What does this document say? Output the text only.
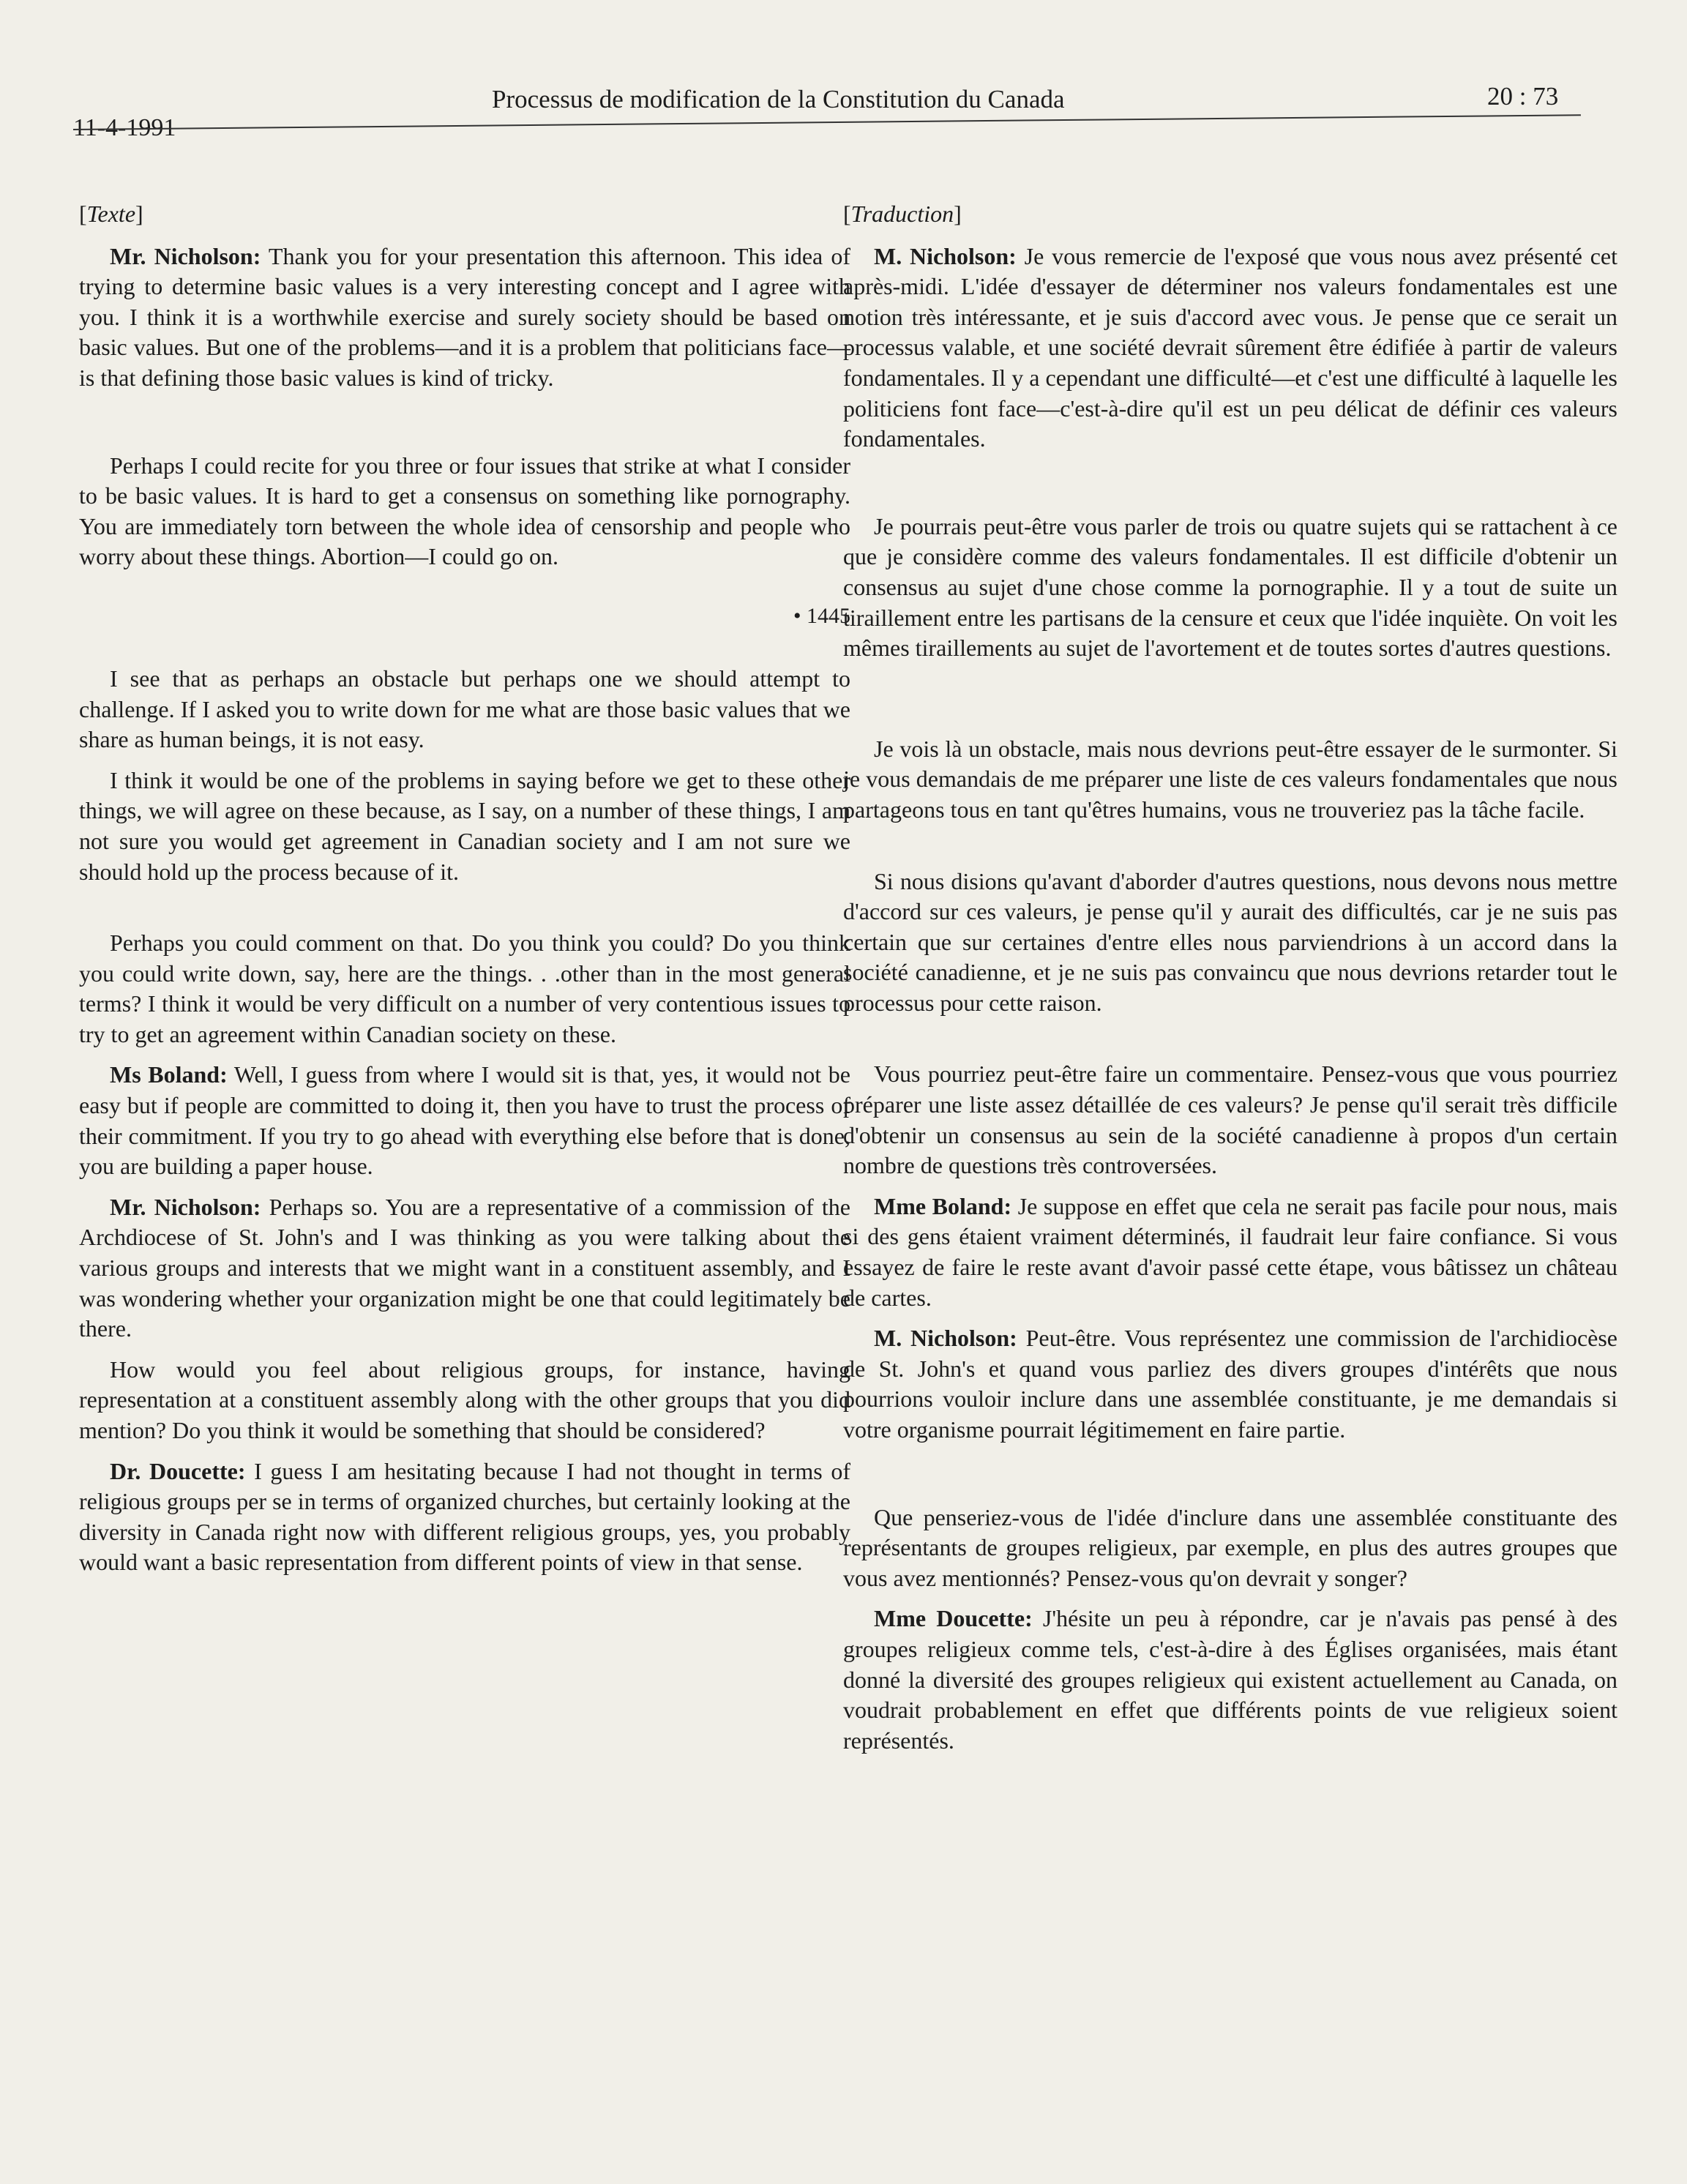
11-4-1991
Processus de modification de la Constitution du Canada	20 : 73

[Texte]

Mr. Nicholson: Thank you for your presentation this afternoon. This idea of trying to determine basic values is a very interesting concept and I agree with you. I think it is a worthwhile exercise and surely society should be based on basic values. But one of the problems—and it is a problem that politicians face—is that defining those basic values is kind of tricky.

Perhaps I could recite for you three or four issues that strike at what I consider to be basic values. It is hard to get a consensus on something like pornography. You are immediately torn between the whole idea of censorship and people who worry about these things. Abortion—I could go on.

• 1445

I see that as perhaps an obstacle but perhaps one we should attempt to challenge. If I asked you to write down for me what are those basic values that we share as human beings, it is not easy.

I think it would be one of the problems in saying before we get to these other things, we will agree on these because, as I say, on a number of these things, I am not sure you would get agreement in Canadian society and I am not sure we should hold up the process because of it.

Perhaps you could comment on that. Do you think you could? Do you think you could write down, say, here are the things. . .other than in the most general terms? I think it would be very difficult on a number of very contentious issues to try to get an agreement within Canadian society on these.

Ms Boland: Well, I guess from where I would sit is that, yes, it would not be easy but if people are committed to doing it, then you have to trust the process of their commitment. If you try to go ahead with everything else before that is done, you are building a paper house.

Mr. Nicholson: Perhaps so. You are a representative of a commission of the Archdiocese of St. John's and I was thinking as you were talking about the various groups and interests that we might want in a constituent assembly, and I was wondering whether your organization might be one that could legitimately be there.

How would you feel about religious groups, for instance, having representation at a constituent assembly along with the other groups that you did mention? Do you think it would be something that should be considered?

Dr. Doucette: I guess I am hesitating because I had not thought in terms of religious groups per se in terms of organized churches, but certainly looking at the diversity in Canada right now with different religious groups, yes, you probably would want a basic representation from different points of view in that sense.

[Traduction]

M. Nicholson: Je vous remercie de l'exposé que vous nous avez présenté cet après-midi. L'idée d'essayer de déterminer nos valeurs fondamentales est une notion très intéressante, et je suis d'accord avec vous. Je pense que ce serait un processus valable, et une société devrait sûrement être édifiée à partir de valeurs fondamentales. Il y a cependant une difficulté—et c'est une difficulté à laquelle les politiciens font face—c'est-à-dire qu'il est un peu délicat de définir ces valeurs fondamentales.

Je pourrais peut-être vous parler de trois ou quatre sujets qui se rattachent à ce que je considère comme des valeurs fondamentales. Il est difficile d'obtenir un consensus au sujet d'une chose comme la pornographie. Il y a tout de suite un tiraillement entre les partisans de la censure et ceux que l'idée inquiète. On voit les mêmes tiraillements au sujet de l'avortement et de toutes sortes d'autres questions.

Je vois là un obstacle, mais nous devrions peut-être essayer de le surmonter. Si je vous demandais de me préparer une liste de ces valeurs fondamentales que nous partageons tous en tant qu'êtres humains, vous ne trouveriez pas la tâche facile.

Si nous disions qu'avant d'aborder d'autres questions, nous devons nous mettre d'accord sur ces valeurs, je pense qu'il y aurait des difficultés, car je ne suis pas certain que sur certaines d'entre elles nous parviendrions à un accord dans la société canadienne, et je ne suis pas convaincu que nous devrions retarder tout le processus pour cette raison.

Vous pourriez peut-être faire un commentaire. Pensez-vous que vous pourriez préparer une liste assez détaillée de ces valeurs? Je pense qu'il serait très difficile d'obtenir un consensus au sein de la société canadienne à propos d'un certain nombre de questions très controversées.

Mme Boland: Je suppose en effet que cela ne serait pas facile pour nous, mais si des gens étaient vraiment déterminés, il faudrait leur faire confiance. Si vous essayez de faire le reste avant d'avoir passé cette étape, vous bâtissez un château de cartes.

M. Nicholson: Peut-être. Vous représentez une commission de l'archidiocèse de St. John's et quand vous parliez des divers groupes d'intérêts que nous pourrions vouloir inclure dans une assemblée constituante, je me demandais si votre organisme pourrait légitimement en faire partie.

Que penseriez-vous de l'idée d'inclure dans une assemblée constituante des représentants de groupes religieux, par exemple, en plus des autres groupes que vous avez mentionnés? Pensez-vous qu'on devrait y songer?

Mme Doucette: J'hésite un peu à répondre, car je n'avais pas pensé à des groupes religieux comme tels, c'est-à-dire à des Églises organisées, mais étant donné la diversité des groupes religieux qui existent actuellement au Canada, on voudrait probablement en effet que différents points de vue religieux soient représentés.
